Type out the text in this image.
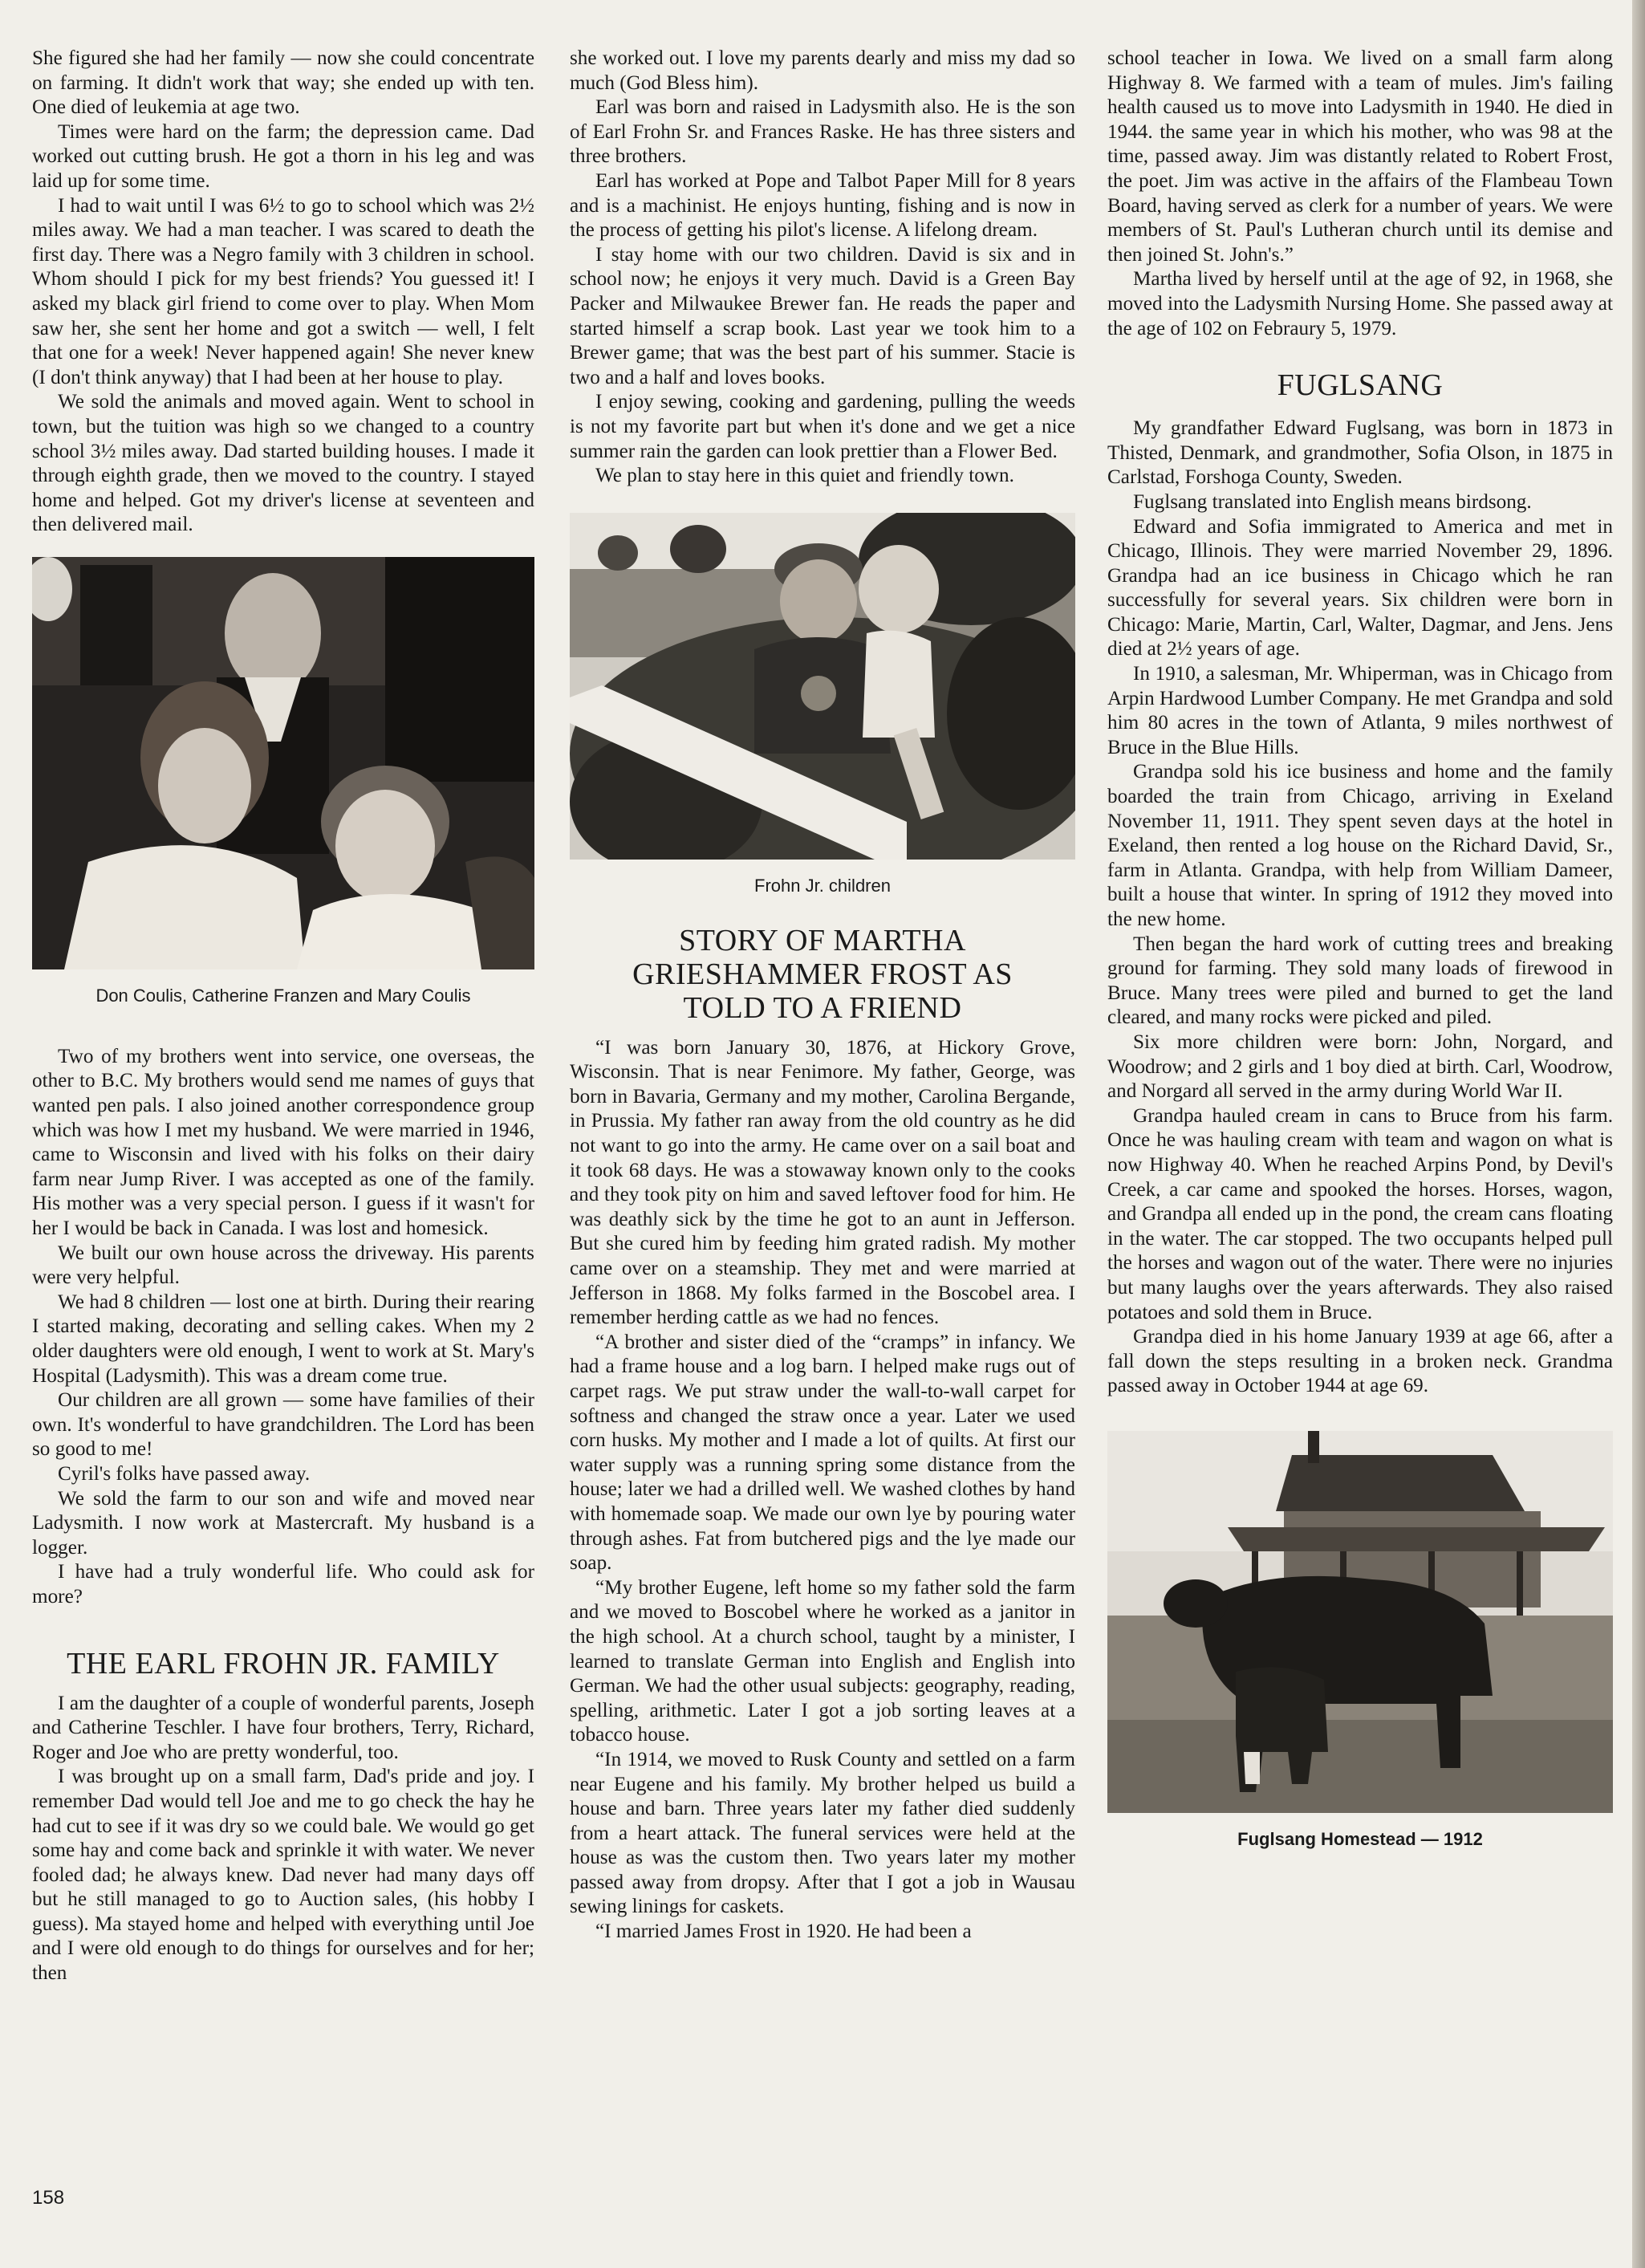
She figured she had her family — now she could concentrate on farming. It didn't work that way; she ended up with ten. One died of leukemia at age two.

Times were hard on the farm; the depression came. Dad worked out cutting brush. He got a thorn in his leg and was laid up for some time.

I had to wait until I was 6½ to go to school which was 2½ miles away. We had a man teacher. I was scared to death the first day. There was a Negro family with 3 children in school. Whom should I pick for my best friends? You guessed it! I asked my black girl friend to come over to play. When Mom saw her, she sent her home and got a switch — well, I felt that one for a week! Never happened again! She never knew (I don't think anyway) that I had been at her house to play.

We sold the animals and moved again. Went to school in town, but the tuition was high so we changed to a country school 3½ miles away. Dad started building houses. I made it through eighth grade, then we moved to the country. I stayed home and helped. Got my driver's license at seventeen and then delivered mail.

Don Coulis, Catherine Franzen and Mary Coulis

Two of my brothers went into service, one overseas, the other to B.C. My brothers would send me names of guys that wanted pen pals. I also joined another correspondence group which was how I met my husband. We were married in 1946, came to Wisconsin and lived with his folks on their dairy farm near Jump River. I was accepted as one of the family. His mother was a very special person. I guess if it wasn't for her I would be back in Canada. I was lost and homesick.

We built our own house across the driveway. His parents were very helpful.

We had 8 children — lost one at birth. During their rearing I started making, decorating and selling cakes. When my 2 older daughters were old enough, I went to work at St. Mary's Hospital (Ladysmith). This was a dream come true.

Our children are all grown — some have families of their own. It's wonderful to have grandchildren. The Lord has been so good to me!

Cyril's folks have passed away.

We sold the farm to our son and wife and moved near Ladysmith. I now work at Mastercraft. My husband is a logger.

I have had a truly wonderful life. Who could ask for more?

THE EARL FROHN JR. FAMILY

I am the daughter of a couple of wonderful parents, Joseph and Catherine Teschler. I have four brothers, Terry, Richard, Roger and Joe who are pretty wonderful, too.

I was brought up on a small farm, Dad's pride and joy. I remember Dad would tell Joe and me to go check the hay he had cut to see if it was dry so we could bale. We would go get some hay and come back and sprinkle it with water. We never fooled dad; he always knew. Dad never had many days off but he still managed to go to Auction sales, (his hobby I guess). Ma stayed home and helped with everything until Joe and I were old enough to do things for ourselves and for her; then

she worked out. I love my parents dearly and miss my dad so much (God Bless him).

Earl was born and raised in Ladysmith also. He is the son of Earl Frohn Sr. and Frances Raske. He has three sisters and three brothers.

Earl has worked at Pope and Talbot Paper Mill for 8 years and is a machinist. He enjoys hunting, fishing and is now in the process of getting his pilot's license. A lifelong dream.

I stay home with our two children. David is six and in school now; he enjoys it very much. David is a Green Bay Packer and Milwaukee Brewer fan. He reads the paper and started himself a scrap book. Last year we took him to a Brewer game; that was the best part of his summer. Stacie is two and a half and loves books.

I enjoy sewing, cooking and gardening, pulling the weeds is not my favorite part but when it's done and we get a nice summer rain the garden can look prettier than a Flower Bed.

We plan to stay here in this quiet and friendly town.

Frohn Jr. children
STORY OF MARTHA GRIESHAMMER FROST AS TOLD TO A FRIEND

“I was born January 30, 1876, at Hickory Grove, Wisconsin. That is near Fenimore. My father, George, was born in Bavaria, Germany and my mother, Carolina Bergande, in Prussia. My father ran away from the old country as he did not want to go into the army. He came over on a sail boat and it took 68 days. He was a stowaway known only to the cooks and they took pity on him and saved leftover food for him. He was deathly sick by the time he got to an aunt in Jefferson. But she cured him by feeding him grated radish. My mother came over on a steamship. They met and were married at Jefferson in 1868. My folks farmed in the Boscobel area. I remember herding cattle as we had no fences.

“A brother and sister died of the “cramps” in infancy. We had a frame house and a log barn. I helped make rugs out of carpet rags. We put straw under the wall-to-wall carpet for softness and changed the straw once a year. Later we used corn husks. My mother and I made a lot of quilts. At first our water supply was a running spring some distance from the house; later we had a drilled well. We washed clothes by hand with homemade soap. We made our own lye by pouring water through ashes. Fat from butchered pigs and the lye made our soap.

“My brother Eugene, left home so my father sold the farm and we moved to Boscobel where he worked as a janitor in the high school. At a church school, taught by a minister, I learned to translate German into English and English into German. We had the other usual subjects: geography, reading, spelling, arithmetic. Later I got a job sorting leaves at a tobacco house.

“In 1914, we moved to Rusk County and settled on a farm near Eugene and his family. My brother helped us build a house and barn. Three years later my father died suddenly from a heart attack. The funeral services were held at the house as was the custom then. Two years later my mother passed away from dropsy. After that I got a job in Wausau sewing linings for caskets.

“I married James Frost in 1920. He had been a

school teacher in Iowa. We lived on a small farm along Highway 8. We farmed with a team of mules. Jim's failing health caused us to move into Ladysmith in 1940. He died in 1944. the same year in which his mother, who was 98 at the time, passed away. Jim was distantly related to Robert Frost, the poet. Jim was active in the affairs of the Flambeau Town Board, having served as clerk for a number of years. We were members of St. Paul's Lutheran church until its demise and then joined St. John's.”

Martha lived by herself until at the age of 92, in 1968, she moved into the Ladysmith Nursing Home. She passed away at the age of 102 on Febraury 5, 1979.

FUGLSANG

My grandfather Edward Fuglsang, was born in 1873 in Thisted, Denmark, and grandmother, Sofia Olson, in 1875 in Carlstad, Forshoga County, Sweden.

Fuglsang translated into English means birdsong.

Edward and Sofia immigrated to America and met in Chicago, Illinois. They were married November 29, 1896. Grandpa had an ice business in Chicago which he ran successfully for several years. Six children were born in Chicago: Marie, Martin, Carl, Walter, Dagmar, and Jens. Jens died at 2½ years of age.

In 1910, a salesman, Mr. Whiperman, was in Chicago from Arpin Hardwood Lumber Company. He met Grandpa and sold him 80 acres in the town of Atlanta, 9 miles northwest of Bruce in the Blue Hills.

Grandpa sold his ice business and home and the family boarded the train from Chicago, arriving in Exeland November 11, 1911. They spent seven days at the hotel in Exeland, then rented a log house on the Richard David, Sr., farm in Atlanta. Grandpa, with help from William Dameer, built a house that winter. In spring of 1912 they moved into the new home.

Then began the hard work of cutting trees and breaking ground for farming. They sold many loads of firewood in Bruce. Many trees were piled and burned to get the land cleared, and many rocks were picked and piled.

Six more children were born: John, Norgard, and Woodrow; and 2 girls and 1 boy died at birth. Carl, Woodrow, and Norgard all served in the army during World War II.

Grandpa hauled cream in cans to Bruce from his farm. Once he was hauling cream with team and wagon on what is now Highway 40. When he reached Arpins Pond, by Devil's Creek, a car came and spooked the horses. Horses, wagon, and Grandpa all ended up in the pond, the cream cans floating in the water. The car stopped. The two occupants helped pull the horses and wagon out of the water. There were no injuries but many laughs over the years afterwards. They also raised potatoes and sold them in Bruce.

Grandpa died in his home January 1939 at age 66, after a fall down the steps resulting in a broken neck. Grandma passed away in October 1944 at age 69.

Fuglsang Homestead — 1912
158
